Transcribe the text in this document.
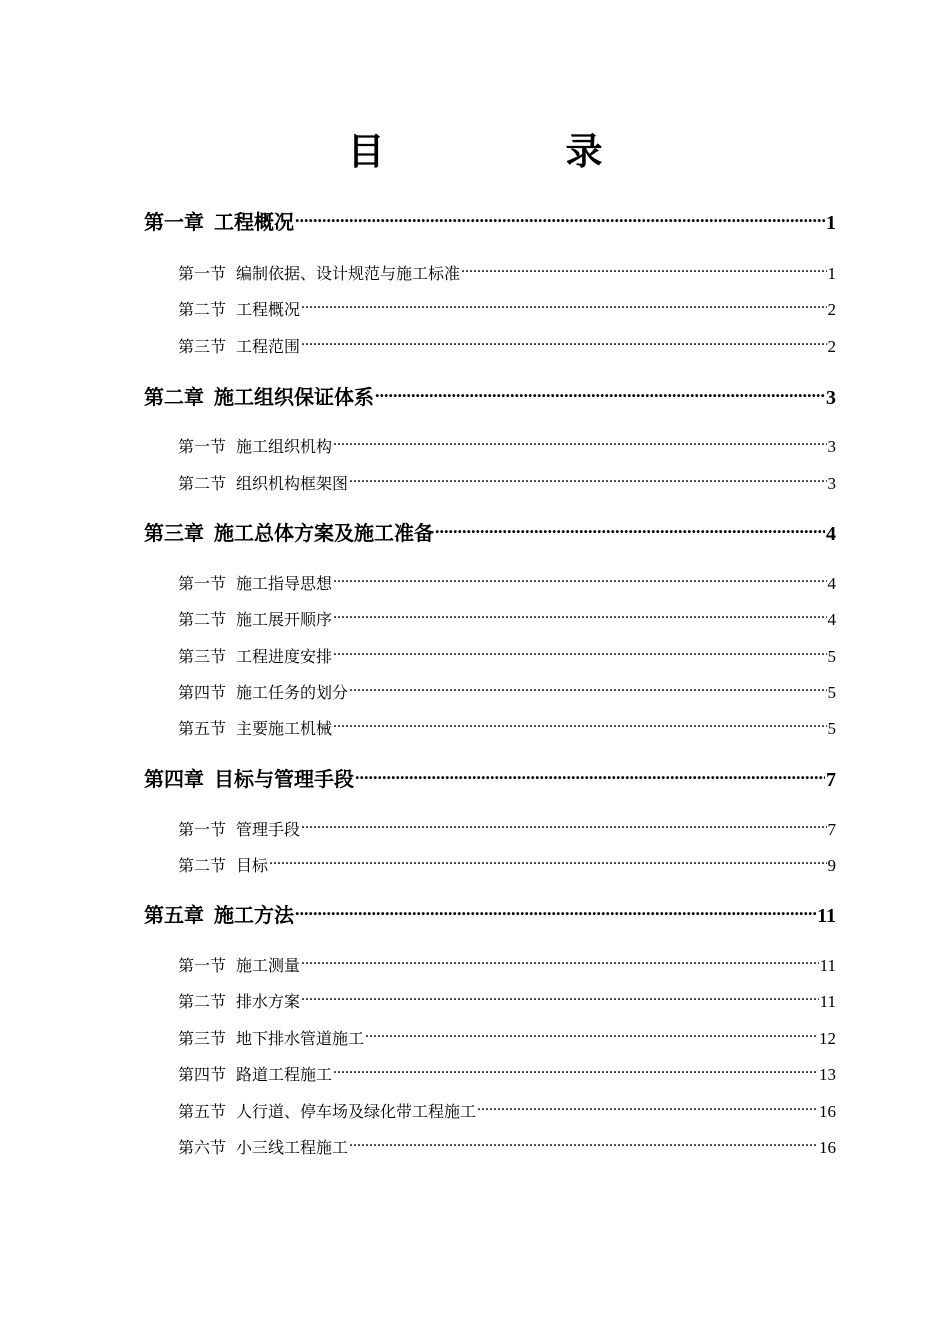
目　录
第一章 工程概况 .....	1
第一节 编制依据、设计规范与施工标准 .....	1
第二节 工程概况 .....	2
第三节 工程范围 .....	2
第二章 施工组织保证体系 .....	3
第一节 施工组织机构 .....	3
第二节 组织机构框架图 .....	3
第三章 施工总体方案及施工准备 .....	4
第一节 施工指导思想 .....	4
第二节 施工展开顺序 .....	4
第三节 工程进度安排 .....	5
第四节 施工任务的划分 .....	5
第五节 主要施工机械 .....	5
第四章 目标与管理手段 .....	7
第一节 管理手段 .....	7
第二节 目标 .....	9
第五章 施工方法 .....	11
第一节 施工测量 .....	11
第二节 排水方案 .....	11
第三节 地下排水管道施工 .....	12
第四节 路道工程施工 .....	13
第五节 人行道、停车场及绿化带工程施工 .....	16
第六节 小三线工程施工 .....	16
